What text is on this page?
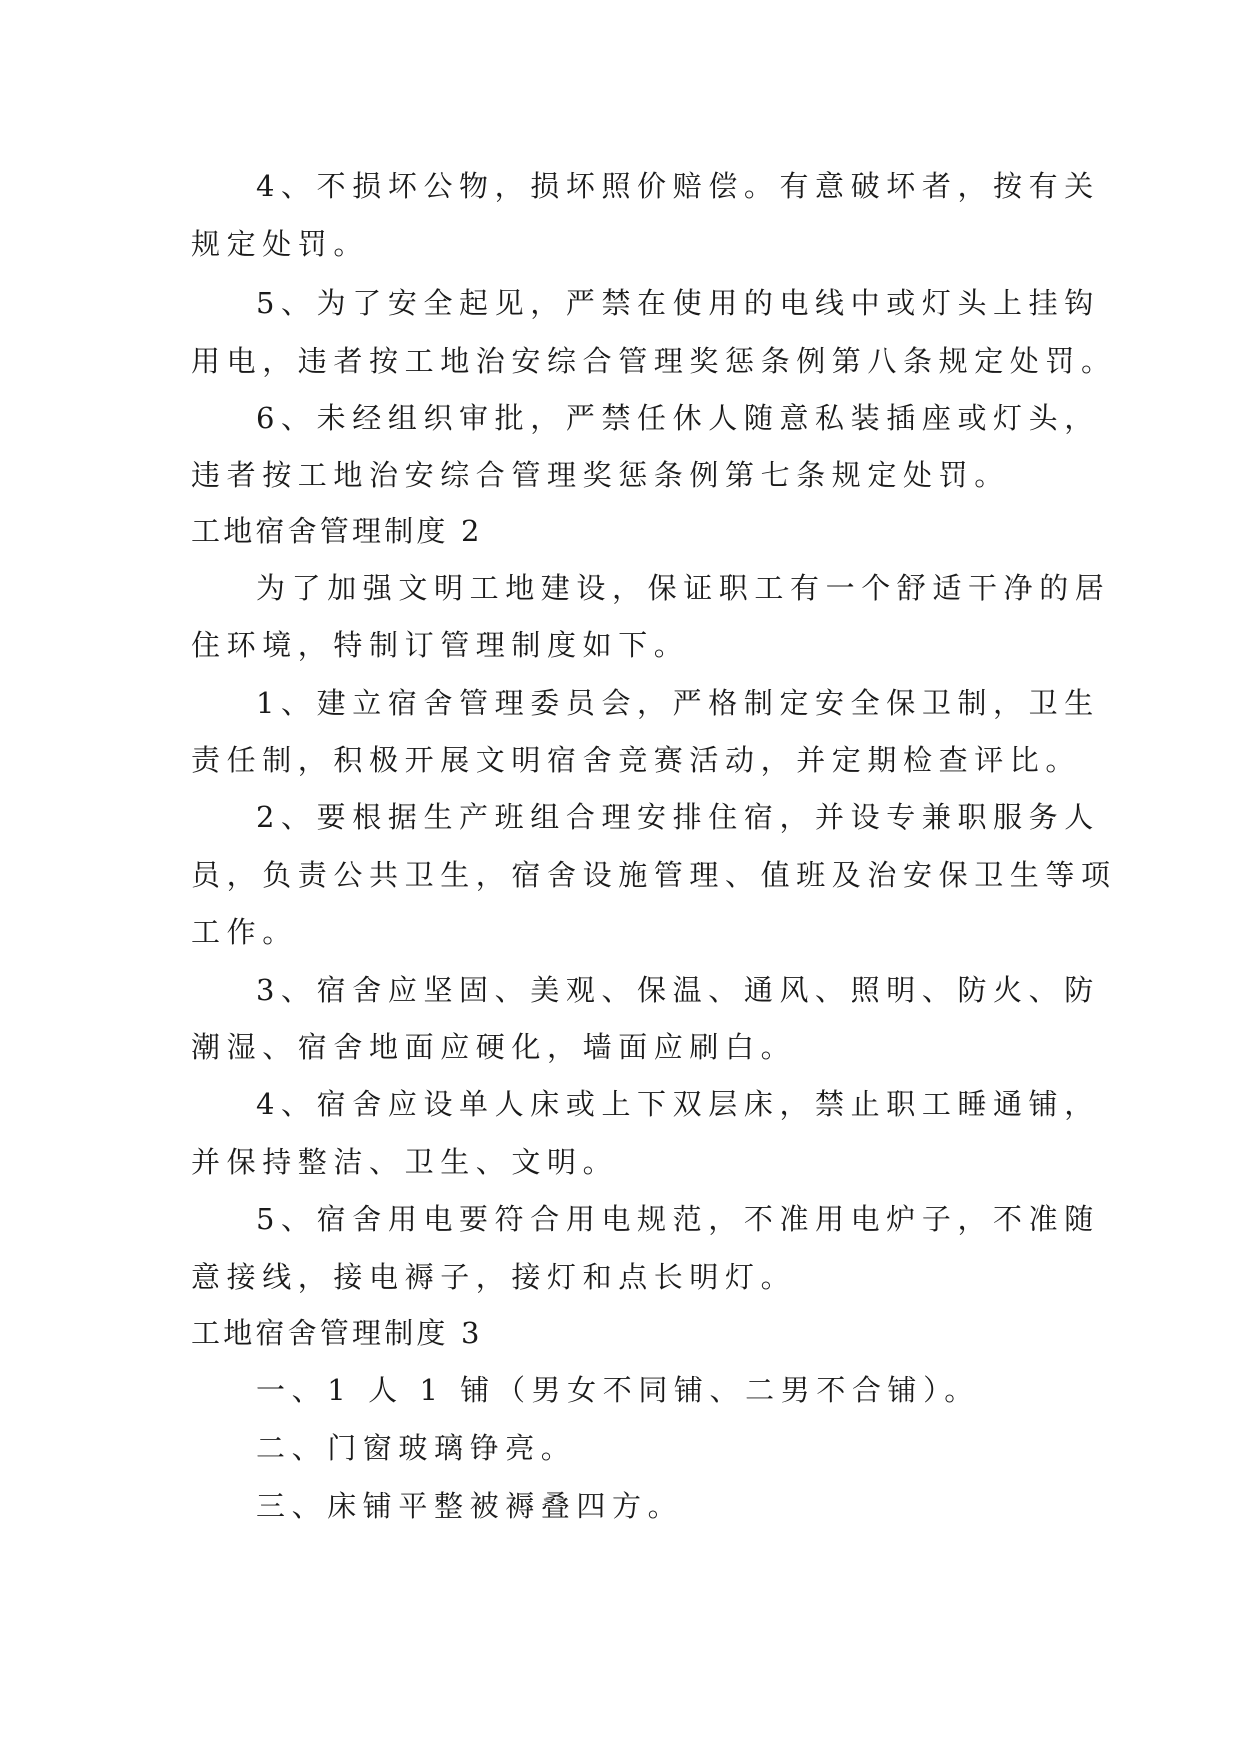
4、不损坏公物，损坏照价赔偿。有意破坏者，按有关
规定处罚。
5、为了安全起见，严禁在使用的电线中或灯头上挂钩
用电，违者按工地治安综合管理奖惩条例第八条规定处罚。
6、未经组织审批，严禁任休人随意私装插座或灯头，
违者按工地治安综合管理奖惩条例第七条规定处罚。
工地宿舍管理制度 2
为了加强文明工地建设，保证职工有一个舒适干净的居
住环境，特制订管理制度如下。
1、建立宿舍管理委员会，严格制定安全保卫制，卫生
责任制，积极开展文明宿舍竞赛活动，并定期检查评比。
2、要根据生产班组合理安排住宿，并设专兼职服务人
员，负责公共卫生，宿舍设施管理、值班及治安保卫生等项
工作。
3、宿舍应坚固、美观、保温、通风、照明、防火、防
潮湿、宿舍地面应硬化，墙面应刷白。
4、宿舍应设单人床或上下双层床，禁止职工睡通铺，
并保持整洁、卫生、文明。
5、宿舍用电要符合用电规范，不准用电炉子，不准随
意接线，接电褥子，接灯和点长明灯。
工地宿舍管理制度 3
一、1 人 1 铺（男女不同铺、二男不合铺）。
二、门窗玻璃铮亮。
三、床铺平整被褥叠四方。
